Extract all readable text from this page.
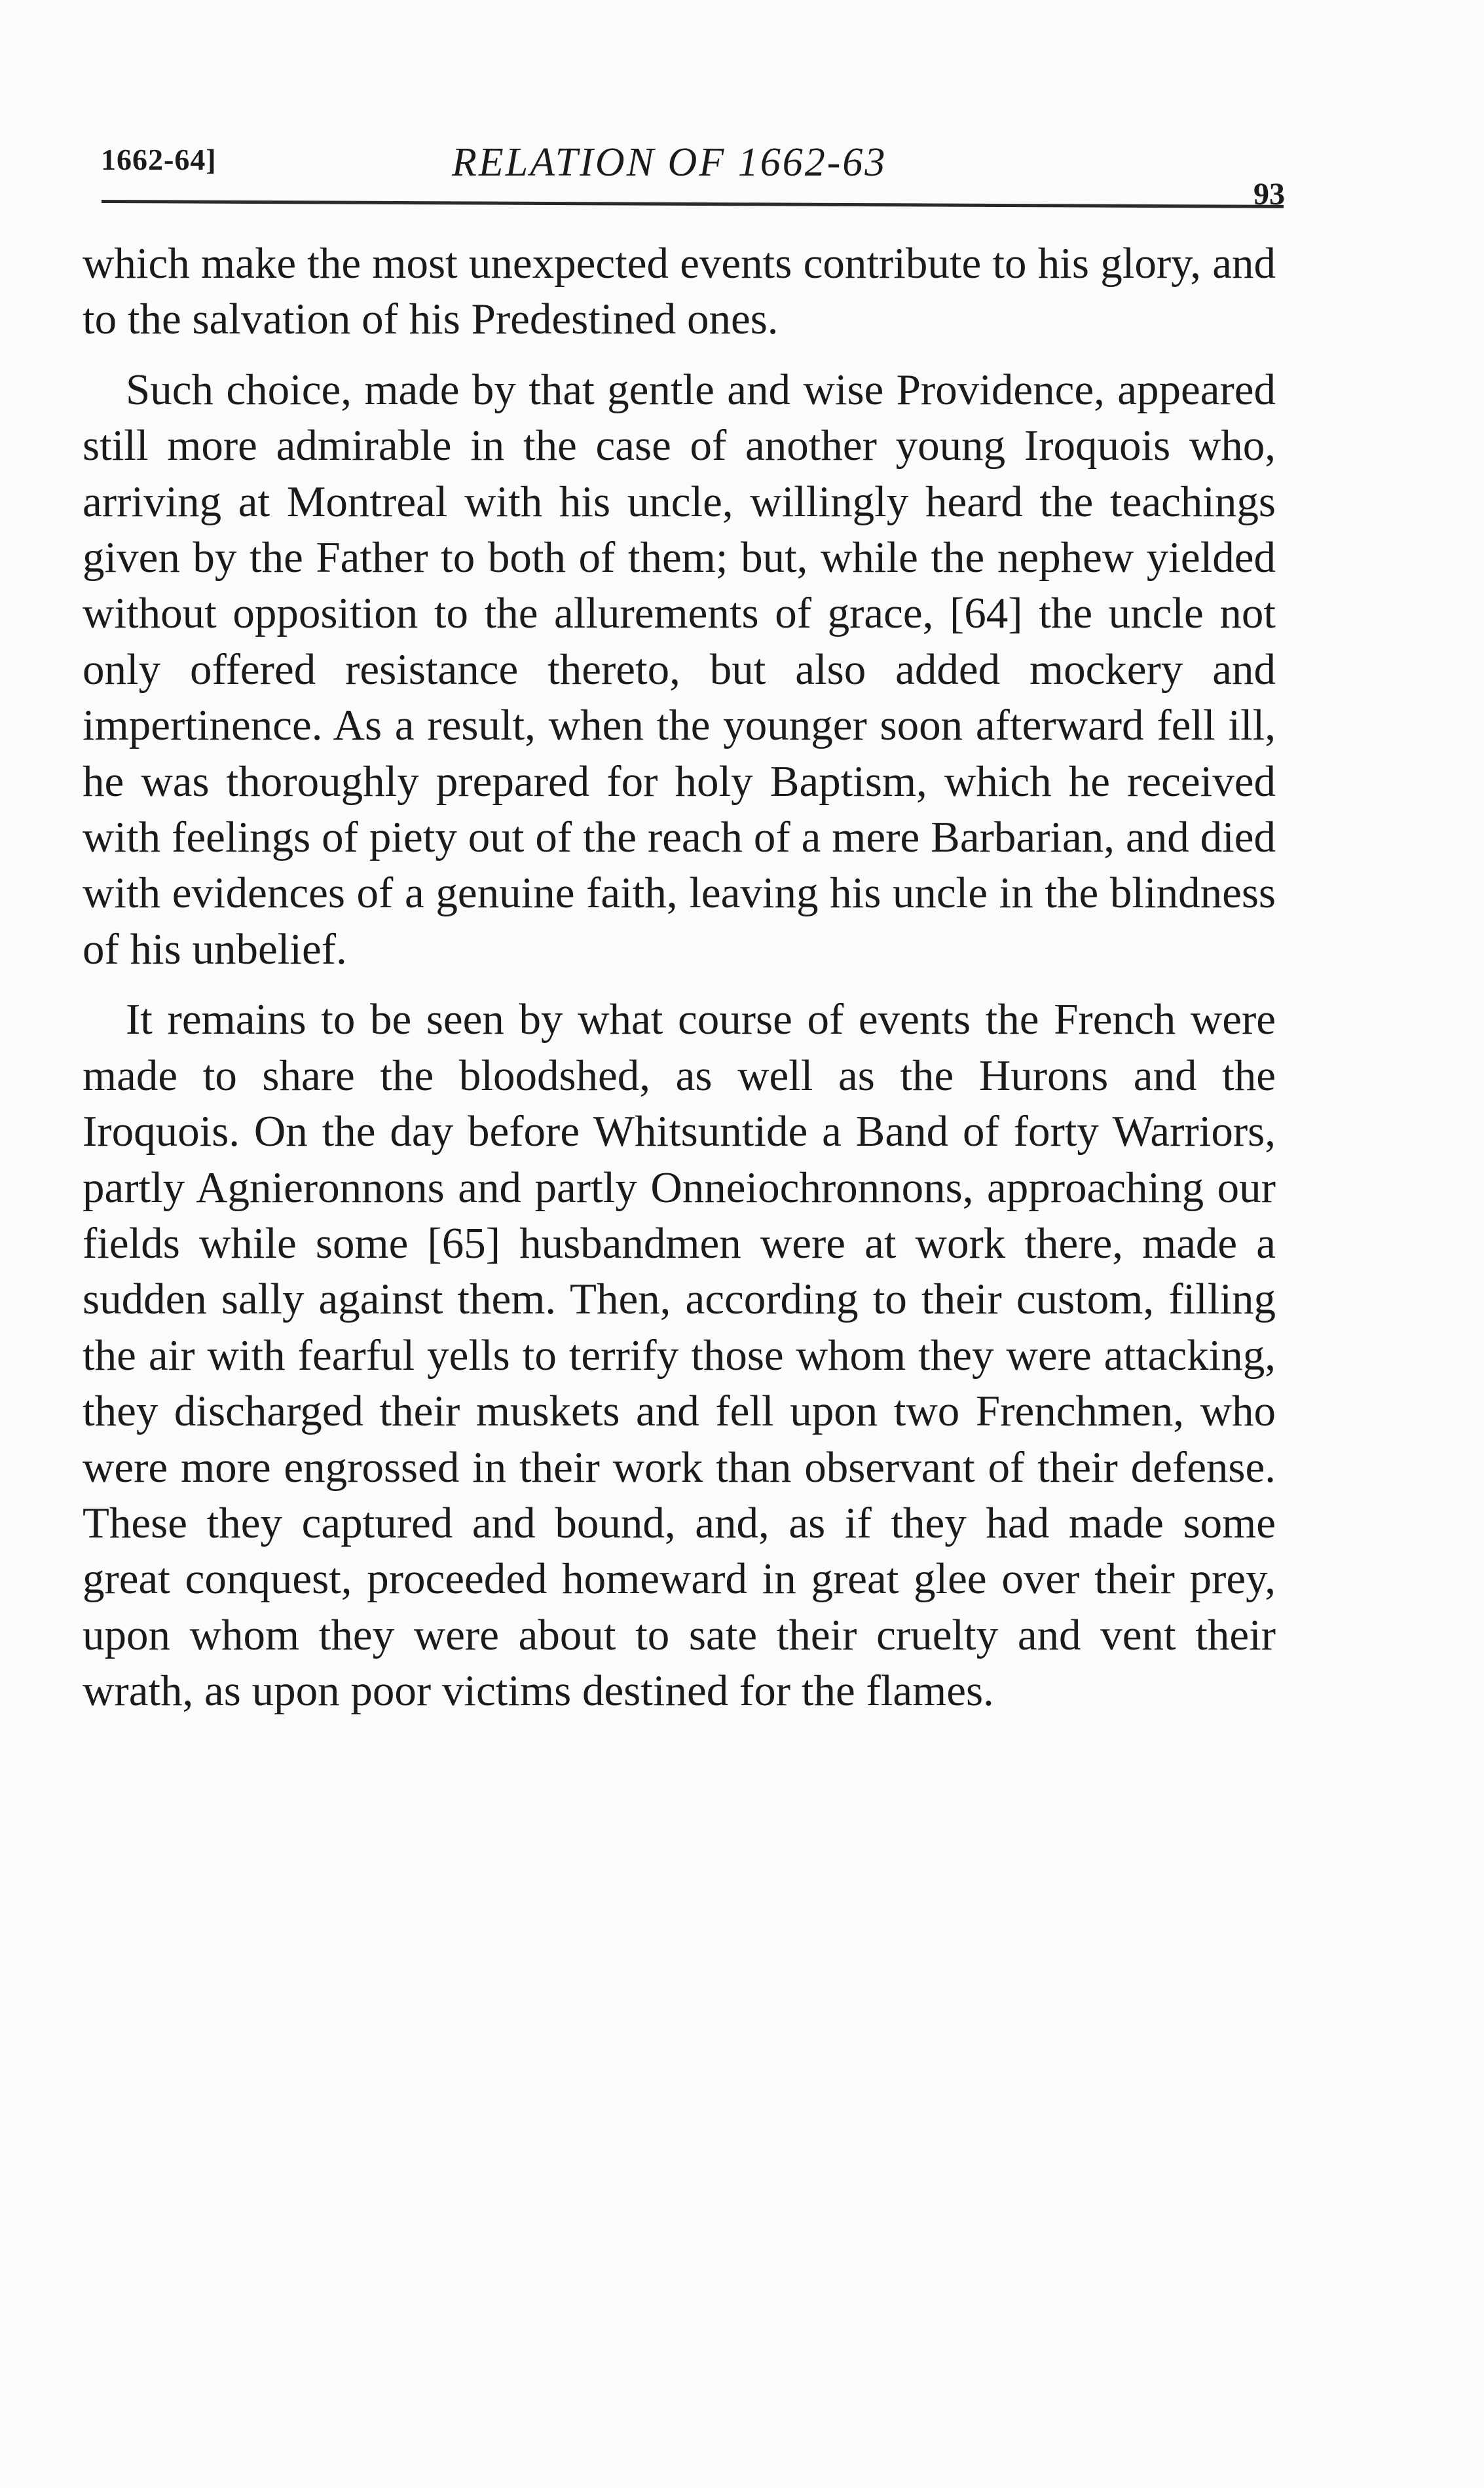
1662-64]	RELATION OF 1662-63
93

which make the most unexpected events contribute to his glory, and to the salvation of his Predestined ones.

Such choice, made by that gentle and wise Providence, appeared still more admirable in the case of another young Iroquois who, arriving at Montreal with his uncle, willingly heard the teachings given by the Father to both of them; but, while the nephew yielded without opposition to the allurements of grace, [64] the uncle not only offered resistance thereto, but also added mockery and impertinence. As a result, when the younger soon afterward fell ill, he was thoroughly prepared for holy Baptism, which he received with feelings of piety out of the reach of a mere Barbarian, and died with evidences of a genuine faith, leaving his uncle in the blindness of his unbelief.

It remains to be seen by what course of events the French were made to share the bloodshed, as well as the Hurons and the Iroquois. On the day before Whitsuntide a Band of forty Warriors, partly Agnieronnons and partly Onneiochronnons, approaching our fields while some [65] husbandmen were at work there, made a sudden sally against them. Then, according to their custom, filling the air with fearful yells to terrify those whom they were attacking, they discharged their muskets and fell upon two Frenchmen, who were more engrossed in their work than observant of their defense. These they captured and bound, and, as if they had made some great conquest, proceeded homeward in great glee over their prey, upon whom they were about to sate their cruelty and vent their wrath, as upon poor victims destined for the flames.
